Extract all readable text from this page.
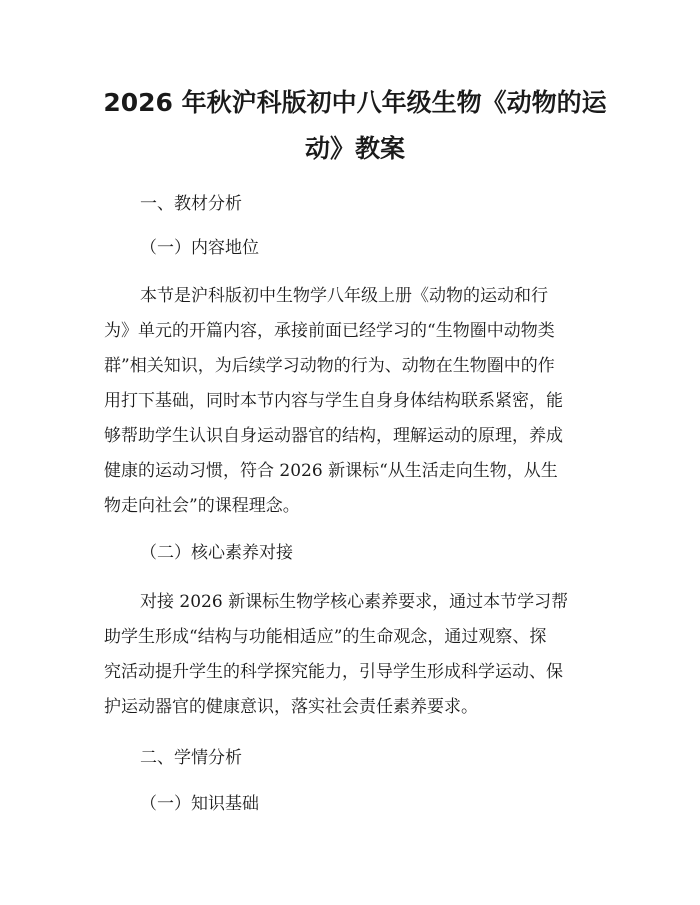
2026 年秋沪科版初中八年级生物《动物的运
动》教案
一、教材分析
（一）内容地位

本节是沪科版初中生物学八年级上册《动物的运动和行
为》单元的开篇内容，承接前面已经学习的“生物圈中动物类
群”相关知识，为后续学习动物的行为、动物在生物圈中的作
用打下基础，同时本节内容与学生自身身体结构联系紧密，能
够帮助学生认识自身运动器官的结构，理解运动的原理，养成
健康的运动习惯，符合 2026 新课标“从生活走向生物，从生
物走向社会”的课程理念。

（二）核心素养对接

对接 2026 新课标生物学核心素养要求，通过本节学习帮
助学生形成“结构与功能相适应”的生命观念，通过观察、探
究活动提升学生的科学探究能力，引导学生形成科学运动、保
护运动器官的健康意识，落实社会责任素养要求。

二、学情分析
（一）知识基础
